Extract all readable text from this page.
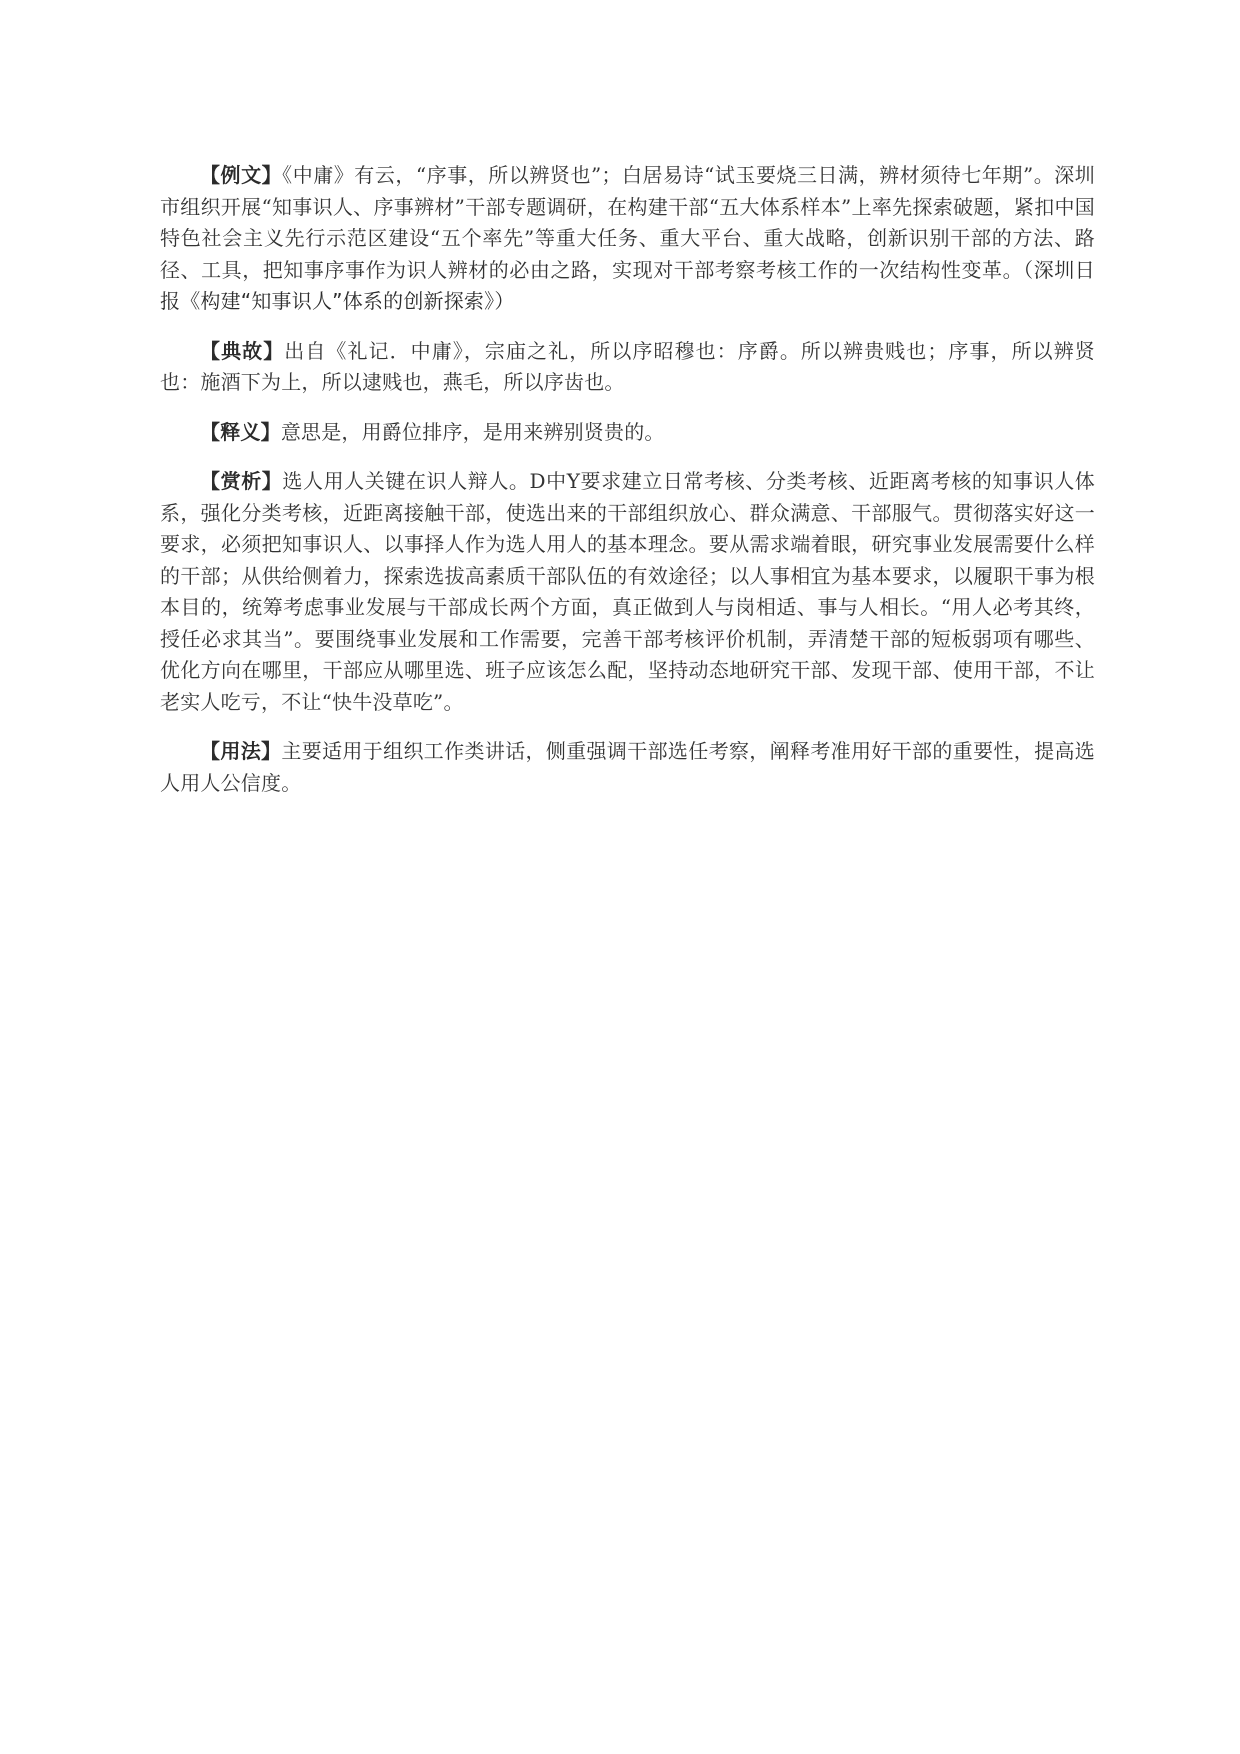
【例文】《中庸》有云，“序事，所以辨贤也”；白居易诗“试玉要烧三日满，辨材须待七年期”。深圳市组织开展“知事识人、序事辨材”干部专题调研，在构建干部“五大体系样本”上率先探索破题，紧扣中国特色社会主义先行示范区建设“五个率先”等重大任务、重大平台、重大战略，创新识别干部的方法、路径、工具，把知事序事作为识人辨材的必由之路，实现对干部考察考核工作的一次结构性变革。（深圳日报《构建“知事识人”体系的创新探索》）

【典故】出自《礼记．中庸》，宗庙之礼，所以序昭穆也：序爵。所以辨贵贱也；序事，所以辨贤也：施酒下为上，所以逮贱也，燕毛，所以序齿也。

【释义】意思是，用爵位排序，是用来辨别贤贵的。

【赏析】选人用人关键在识人辩人。D中Y要求建立日常考核、分类考核、近距离考核的知事识人体系，强化分类考核，近距离接触干部，使选出来的干部组织放心、群众满意、干部服气。贯彻落实好这一要求，必须把知事识人、以事择人作为选人用人的基本理念。要从需求端着眼，研究事业发展需要什么样的干部；从供给侧着力，探索选拔高素质干部队伍的有效途径；以人事相宜为基本要求，以履职干事为根本目的，统筹考虑事业发展与干部成长两个方面，真正做到人与岗相适、事与人相长。“用人必考其终，授任必求其当”。要围绕事业发展和工作需要，完善干部考核评价机制，弄清楚干部的短板弱项有哪些、优化方向在哪里，干部应从哪里选、班子应该怎么配，坚持动态地研究干部、发现干部、使用干部，不让老实人吃亏，不让“快牛没草吃”。

【用法】主要适用于组织工作类讲话，侧重强调干部选任考察，阐释考准用好干部的重要性，提高选人用人公信度。
